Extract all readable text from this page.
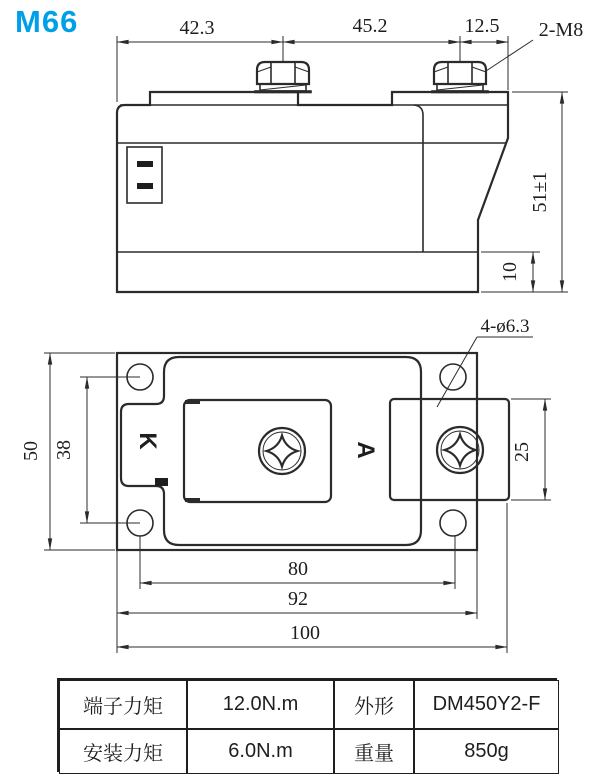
M66	42.3	45.2	12.5 2-M8
51±1
10
K
A
4-ø6.3
50 38	25
80
92
100
端子力矩	12.0N.m	外形	DM450Y2-F
安装力矩	6.0N.m	重量	850g
